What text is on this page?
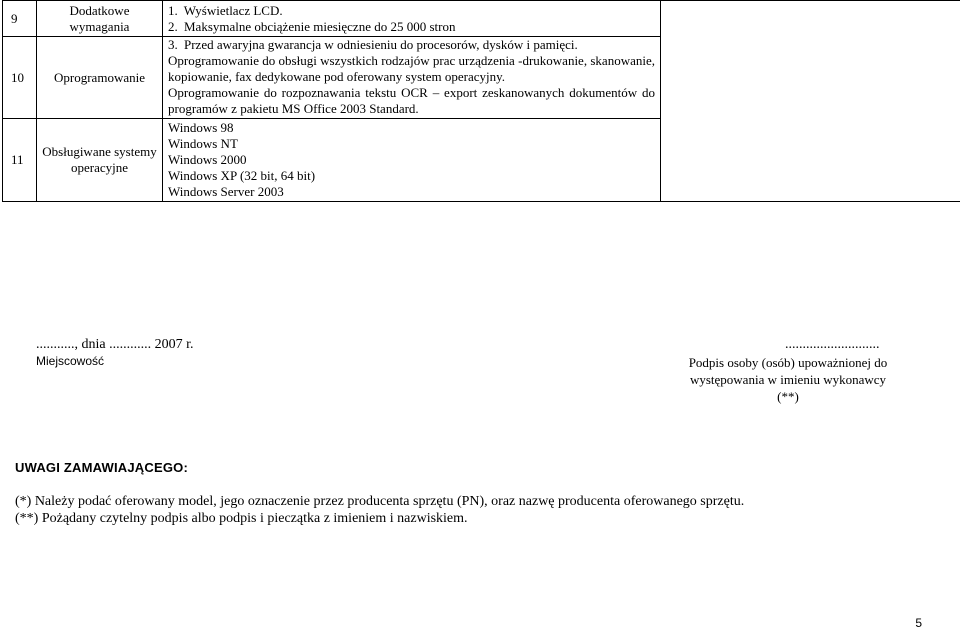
9	Dodatkowe wymagania	1. Wyświetlacz LCD.
2. Maksymalne obciążenie miesięczne do 25 000 stron	

10	Oprogramowanie	3. Przed awaryjna gwarancja w odniesieniu do procesorów, dysków i pamięci.
Oprogramowanie do obsługi wszystkich rodzajów prac urządzenia -drukowanie, skanowanie, kopiowanie, fax dedykowane pod oferowany system operacyjny.
Oprogramowanie do rozpoznawania tekstu OCR – export zeskanowanych dokumentów do programów z pakietu MS Office 2003 Standard.	

11	Obsługiwane systemy operacyjne	Windows 98
Windows NT
Windows 2000
Windows XP (32 bit, 64 bit)
Windows Server 2003	
..........., dnia ............ 2007 r.
Miejscowość
...........................
Podpis osoby (osób) upoważnionej do występowania w imieniu wykonawcy (**)
UWAGI ZAMAWIAJĄCEGO:
(*) Należy podać oferowany model, jego oznaczenie przez producenta sprzętu (PN), oraz nazwę producenta oferowanego sprzętu.
(**) Pożądany czytelny podpis albo podpis i pieczątka z imieniem i nazwiskiem.
5
